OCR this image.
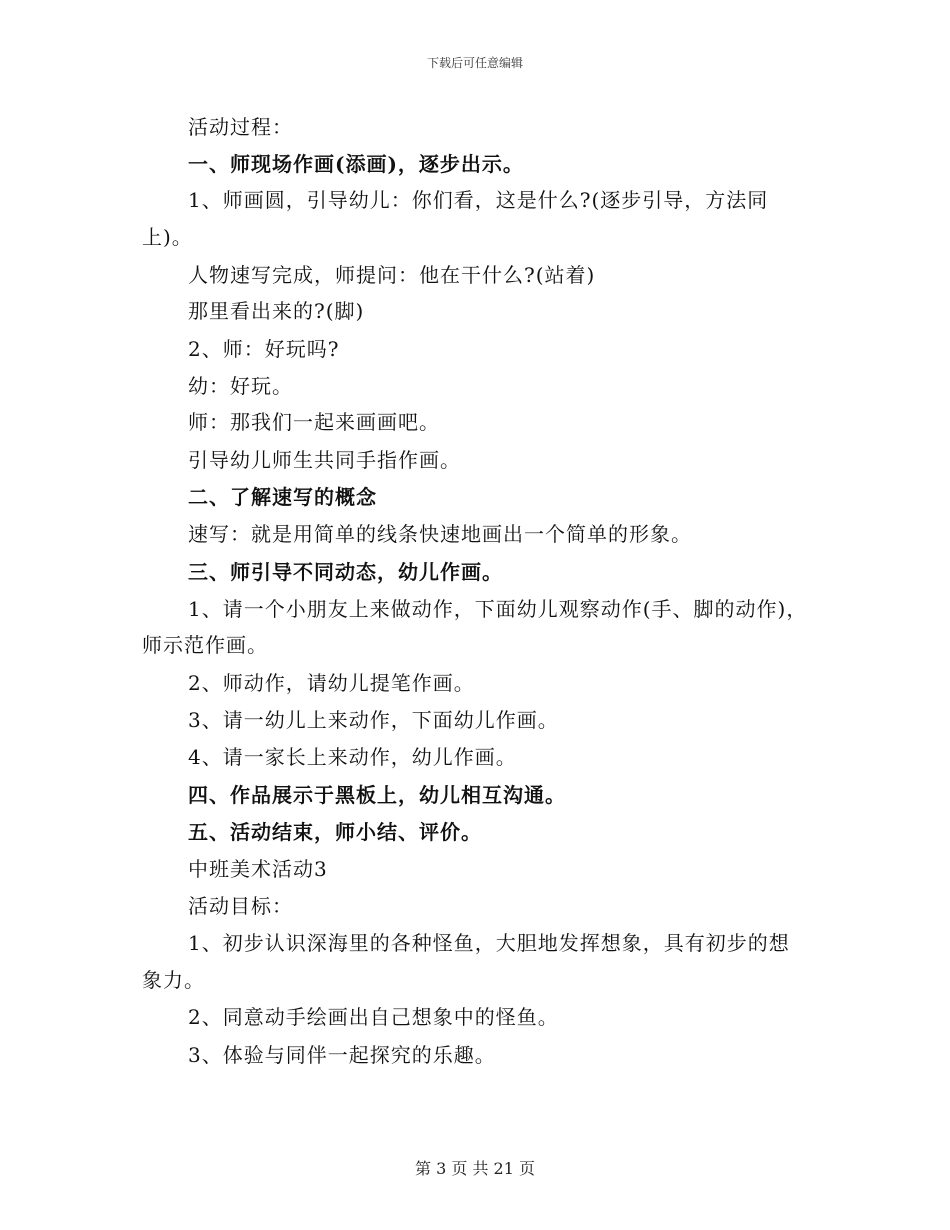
下载后可任意编辑
活动过程：
一、师现场作画(添画)，逐步出示。
1、师画圆，引导幼儿：你们看，这是什么?(逐步引导，方法同
上)。
人物速写完成，师提问：他在干什么?(站着)
那里看出来的?(脚)
2、师：好玩吗?
幼：好玩。
师：那我们一起来画画吧。
引导幼儿师生共同手指作画。
二、了解速写的概念
速写：就是用简单的线条快速地画出一个简单的形象。
三、师引导不同动态，幼儿作画。
1、请一个小朋友上来做动作，下面幼儿观察动作(手、脚的动作)，
师示范作画。
2、师动作，请幼儿提笔作画。
3、请一幼儿上来动作，下面幼儿作画。
4、请一家长上来动作，幼儿作画。
四、作品展示于黑板上，幼儿相互沟通。
五、活动结束，师小结、评价。
中班美术活动3
活动目标：
1、初步认识深海里的各种怪鱼，大胆地发挥想象，具有初步的想
象力。
2、同意动手绘画出自己想象中的怪鱼。
3、体验与同伴一起探究的乐趣。
第 3 页 共 21 页
